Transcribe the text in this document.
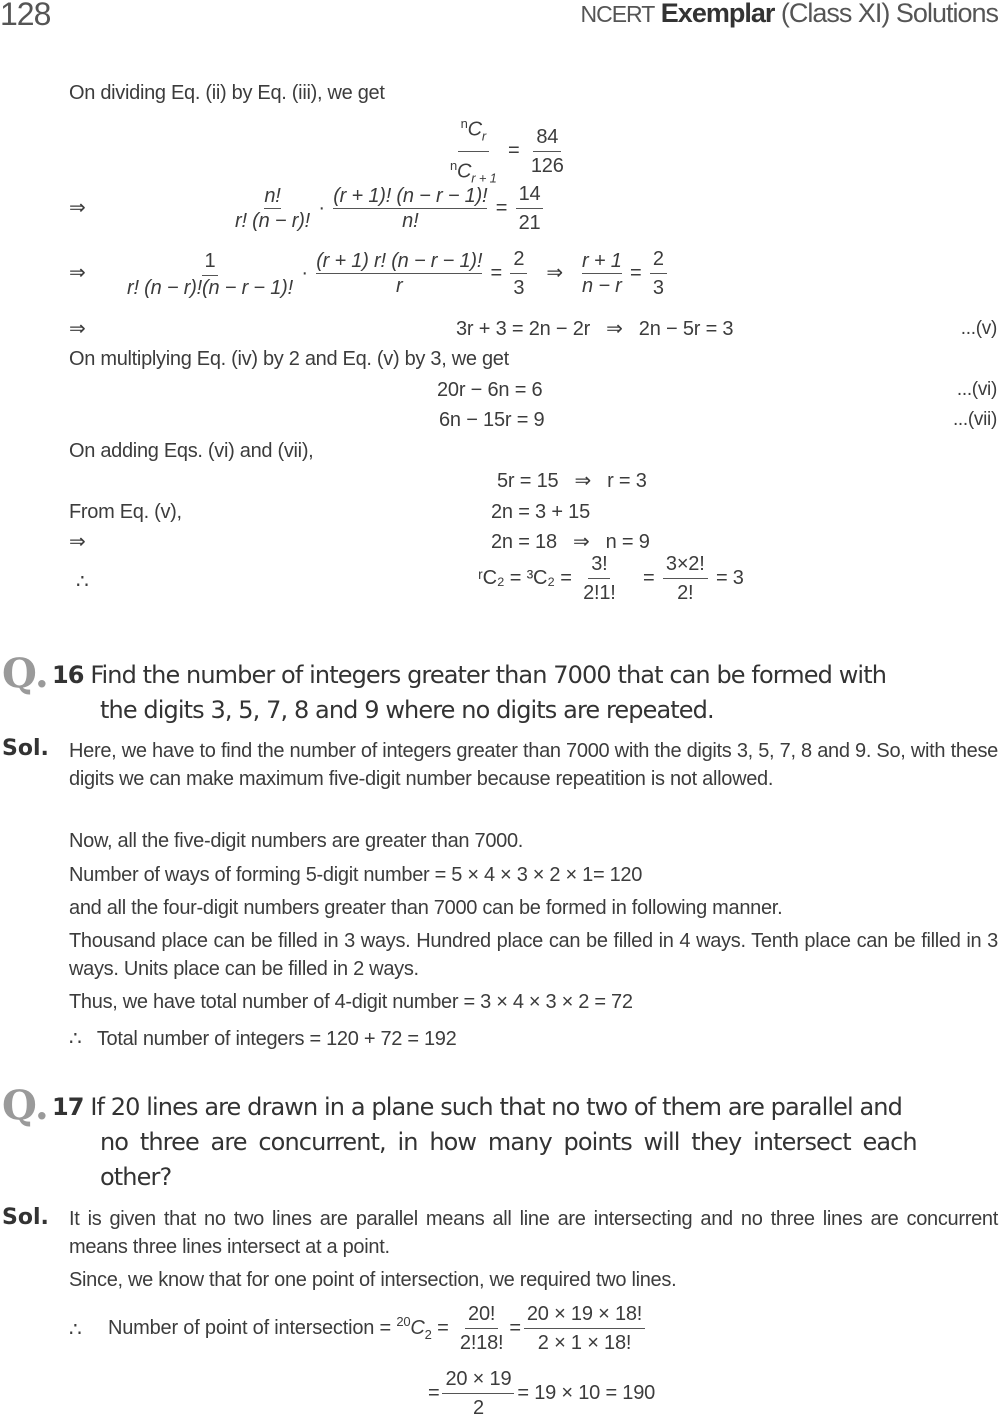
128	NCERT Exemplar (Class XI) Solutions
On dividing Eq. (ii) by Eq. (iii), we get
$\frac{^nC_r}{^nC_{r + 1}} = \frac{84}{126}$
⇒	$\frac{n!}{r! (n - r)!} \cdot \frac{(r + 1)! (n - r - 1)!}{n!} = \frac{14}{21}$
⇒ $\frac{1}{r! (n - r)!(n - r - 1)!} \cdot \frac{(r + 1) r! (n - r - 1)!}{r} = \frac{2}{3}$ ⇒ $\frac{r + 1}{n - r} = \frac{2}{3}$
⇒	3r + 3 = 2n − 2r   ⇒   2n − 5r = 3	...(v)
On multiplying Eq. (iv) by 2 and Eq. (v) by 3, we get
20r − 6n = 6	...(vi)
6n − 15r = 9	...(vii)
On adding Eqs. (vi) and (vii),
5r = 15   ⇒   r = 3
From Eq. (v),	2n = 3 + 15
⇒	2n = 18   ⇒   n = 9
∴	ʳC₂ = $^3C_2 = \frac{3!}{2!1!} = \frac{3\times 2!}{2!} = 3$
Q. 16 Find the number of integers greater than 7000 that can be formed with
the digits 3, 5, 7, 8 and 9 where no digits are repeated.
Sol. Here, we have to find the number of integers greater than 7000 with the digits 3, 5, 7, 8 and 9. So, with these digits we can make maximum five-digit number because repeatition is not allowed.
Now, all the five-digit numbers are greater than 7000.
Number of ways of forming 5-digit number = 5 × 4 × 3 × 2 × 1= 120
and all the four-digit numbers greater than 7000 can be formed in following manner.
Thousand place can be filled in 3 ways. Hundred place can be filled in 4 ways. Tenth place can be filled in 3 ways. Units place can be filled in 2 ways.
Thus, we have total number of 4-digit number = 3 × 4 × 3 × 2 = 72
∴   Total number of integers = 120 + 72 = 192
Q. 17 If 20 lines are drawn in a plane such that no two of them are parallel and
no three are concurrent, in how many points will they intersect each
other?
Sol. It is given that no two lines are parallel means all line are intersecting and no three lines are concurrent means three lines intersect at a point.
Since, we know that for one point of intersection, we required two lines.
∴ Number of point of intersection = $^{20}C_2 = \frac{20!}{2!18!} = \frac{20 \times 19 \times 18!}{2 \times 1 \times 18!}$
= $\frac{20 \times 19}{2} = 19 \times 10 = 190$
